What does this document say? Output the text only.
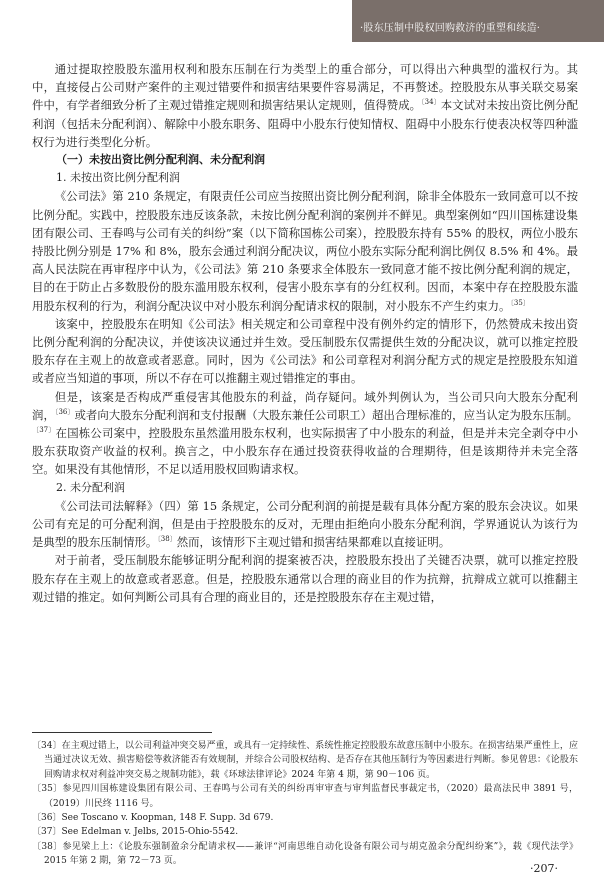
·股东压制中股权回购救济的重塑和续造·

通过提取控股股东滥用权利和股东压制在行为类型上的重合部分，可以得出六种典型的滥权行为。其中，直接侵占公司财产案件的主观过错要件和损害结果要件容易满足，不再赘述。控股股东从事关联交易案件中，有学者细致分析了主观过错推定规则和损害结果认定规则，值得赞成。$^{〔34〕}$本文试对未按出资比例分配利润（包括未分配利润）、解除中小股东职务、阻碍中小股东行使知情权、阻碍中小股东行使表决权等四种滥权行为进行类型化分析。

（一）未按出资比例分配利润、未分配利润
1. 未按出资比例分配利润

《公司法》第 210 条规定，有限责任公司应当按照出资比例分配利润，除非全体股东一致同意可以不按比例分配。实践中，控股股东违反该条款，未按比例分配利润的案例并不鲜见。典型案例如“四川国栋建设集团有限公司、王春鸣与公司有关的纠纷”案（以下简称国栋公司案），控股股东持有 55% 的股权，两位小股东持股比例分别是 17% 和 8%，股东会通过利润分配决议，两位小股东实际分配利润比例仅 8.5% 和 4%。最高人民法院在再审程序中认为，《公司法》第 210 条要求全体股东一致同意才能不按比例分配利润的规定，目的在于防止占多数股份的股东滥用股东权利，侵害小股东享有的分红权利。因而，本案中存在控股股东滥用股东权利的行为，利润分配决议中对小股东利润分配请求权的限制，对小股东不产生约束力。$^{〔35〕}$

该案中，控股股东在明知《公司法》相关规定和公司章程中没有例外约定的情形下，仍然赞成未按出资比例分配利润的分配决议，并使该决议通过并生效。受压制股东仅需提供生效的分配决议，就可以推定控股股东存在主观上的故意或者恶意。同时，因为《公司法》和公司章程对利润分配方式的规定是控股股东知道或者应当知道的事项，所以不存在可以推翻主观过错推定的事由。

但是，该案是否构成严重侵害其他股东的利益，尚存疑问。域外判例认为，当公司只向大股东分配利润，$^{〔36〕}$或者向大股东分配利润和支付报酬（大股东兼任公司职工）超出合理标准的，应当认定为股东压制。$^{〔37〕}$在国栋公司案中，控股股东虽然滥用股东权利，也实际损害了中小股东的利益，但是并未完全剥夺中小股东获取资产收益的权利。换言之，中小股东存在通过投资获得收益的合理期待，但是该期待并未完全落空。如果没有其他情形，不足以适用股权回购请求权。

2. 未分配利润

《公司法司法解释》（四）第 15 条规定，公司分配利润的前提是载有具体分配方案的股东会决议。如果公司有充足的可分配利润，但是由于控股股东的反对，无理由拒绝向小股东分配利润，学界通说认为该行为是典型的股东压制情形。$^{〔38〕}$然而，该情形下主观过错和损害结果都难以直接证明。

对于前者，受压制股东能够证明分配利润的提案被否决，控股股东投出了关键否决票，就可以推定控股股东存在主观上的故意或者恶意。但是，控股股东通常以合理的商业目的作为抗辩，抗辩成立就可以推翻主观过错的推定。如何判断公司具有合理的商业目的，还是控股股东存在主观过错，

〔34〕在主观过错上，以公司利益冲突交易严重，或具有一定持续性、系统性推定控股股东故意压制中小股东。在损害结果严重性上，应当通过决议无效、损害赔偿等救济能否有效规制，并综合公司股权结构、是否存在其他压制行为等因素进行判断。参见曾思：《论股东回购请求权对利益冲突交易之规制功能》，载《环球法律评论》2024 年第 4 期，第 90－106 页。

〔35〕参见四川国栋建设集团有限公司、王春鸣与公司有关的纠纷再审审查与审判监督民事裁定书，（2020）最高法民申 3891 号，（2019）川民终 1116 号。

〔36〕See Toscano v. Koopman, 148 F. Supp. 3d 679.

〔37〕See Edelman v. Jelbs, 2015-Ohio-5542.

〔38〕参见梁上上：《论股东强制盈余分配请求权——兼评“河南思维自动化设备有限公司与胡克盈余分配纠纷案”》，载《现代法学》2015 年第 2 期，第 72－73 页。

·207·
